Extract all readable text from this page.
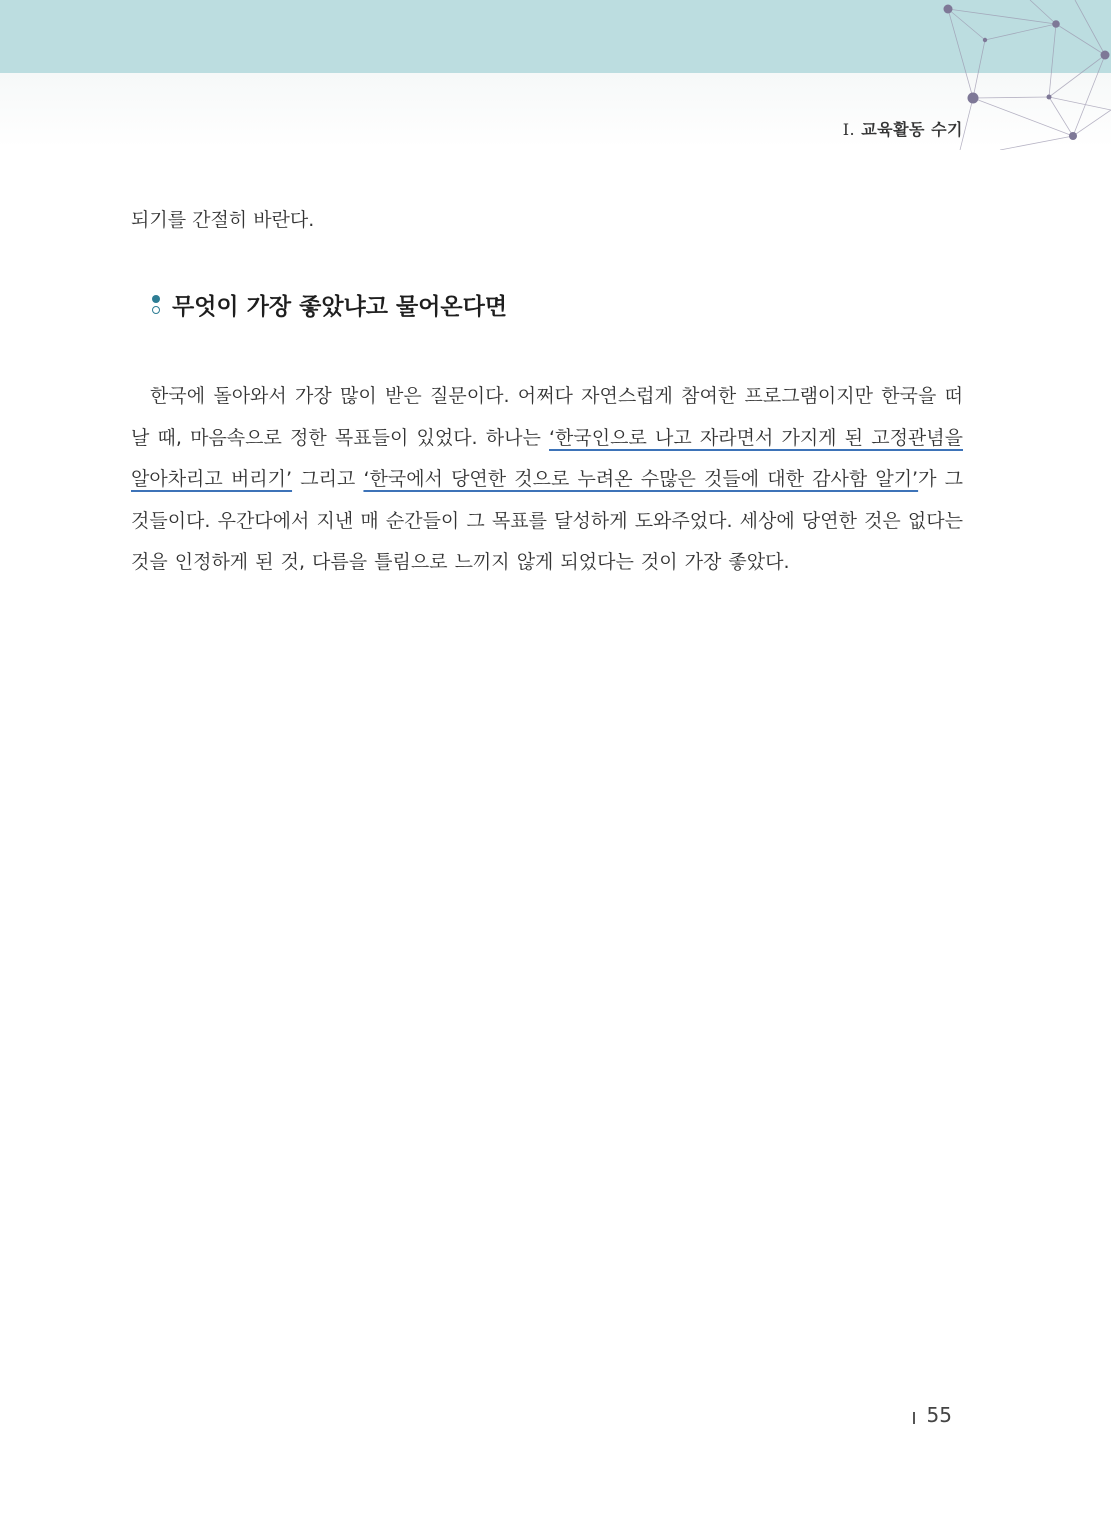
I. 교육활동 수기
되기를 간절히 바란다.
무엇이 가장 좋았냐고 물어온다면

한국에 돌아와서 가장 많이 받은 질문이다. 어쩌다 자연스럽게 참여한 프로그램이지만 한국을 떠날 때, 마음속으로 정한 목표들이 있었다. 하나는 ‘한국인으로 나고 자라면서 가지게 된 고정관념을 알아차리고 버리기’ 그리고 ‘한국에서 당연한 것으로 누려온 수많은 것들에 대한 감사함 알기’가 그것들이다. 우간다에서 지낸 매 순간들이 그 목표를 달성하게 도와주었다. 세상에 당연한 것은 없다는 것을 인정하게 된 것, 다름을 틀림으로 느끼지 않게 되었다는 것이 가장 좋았다.

55
